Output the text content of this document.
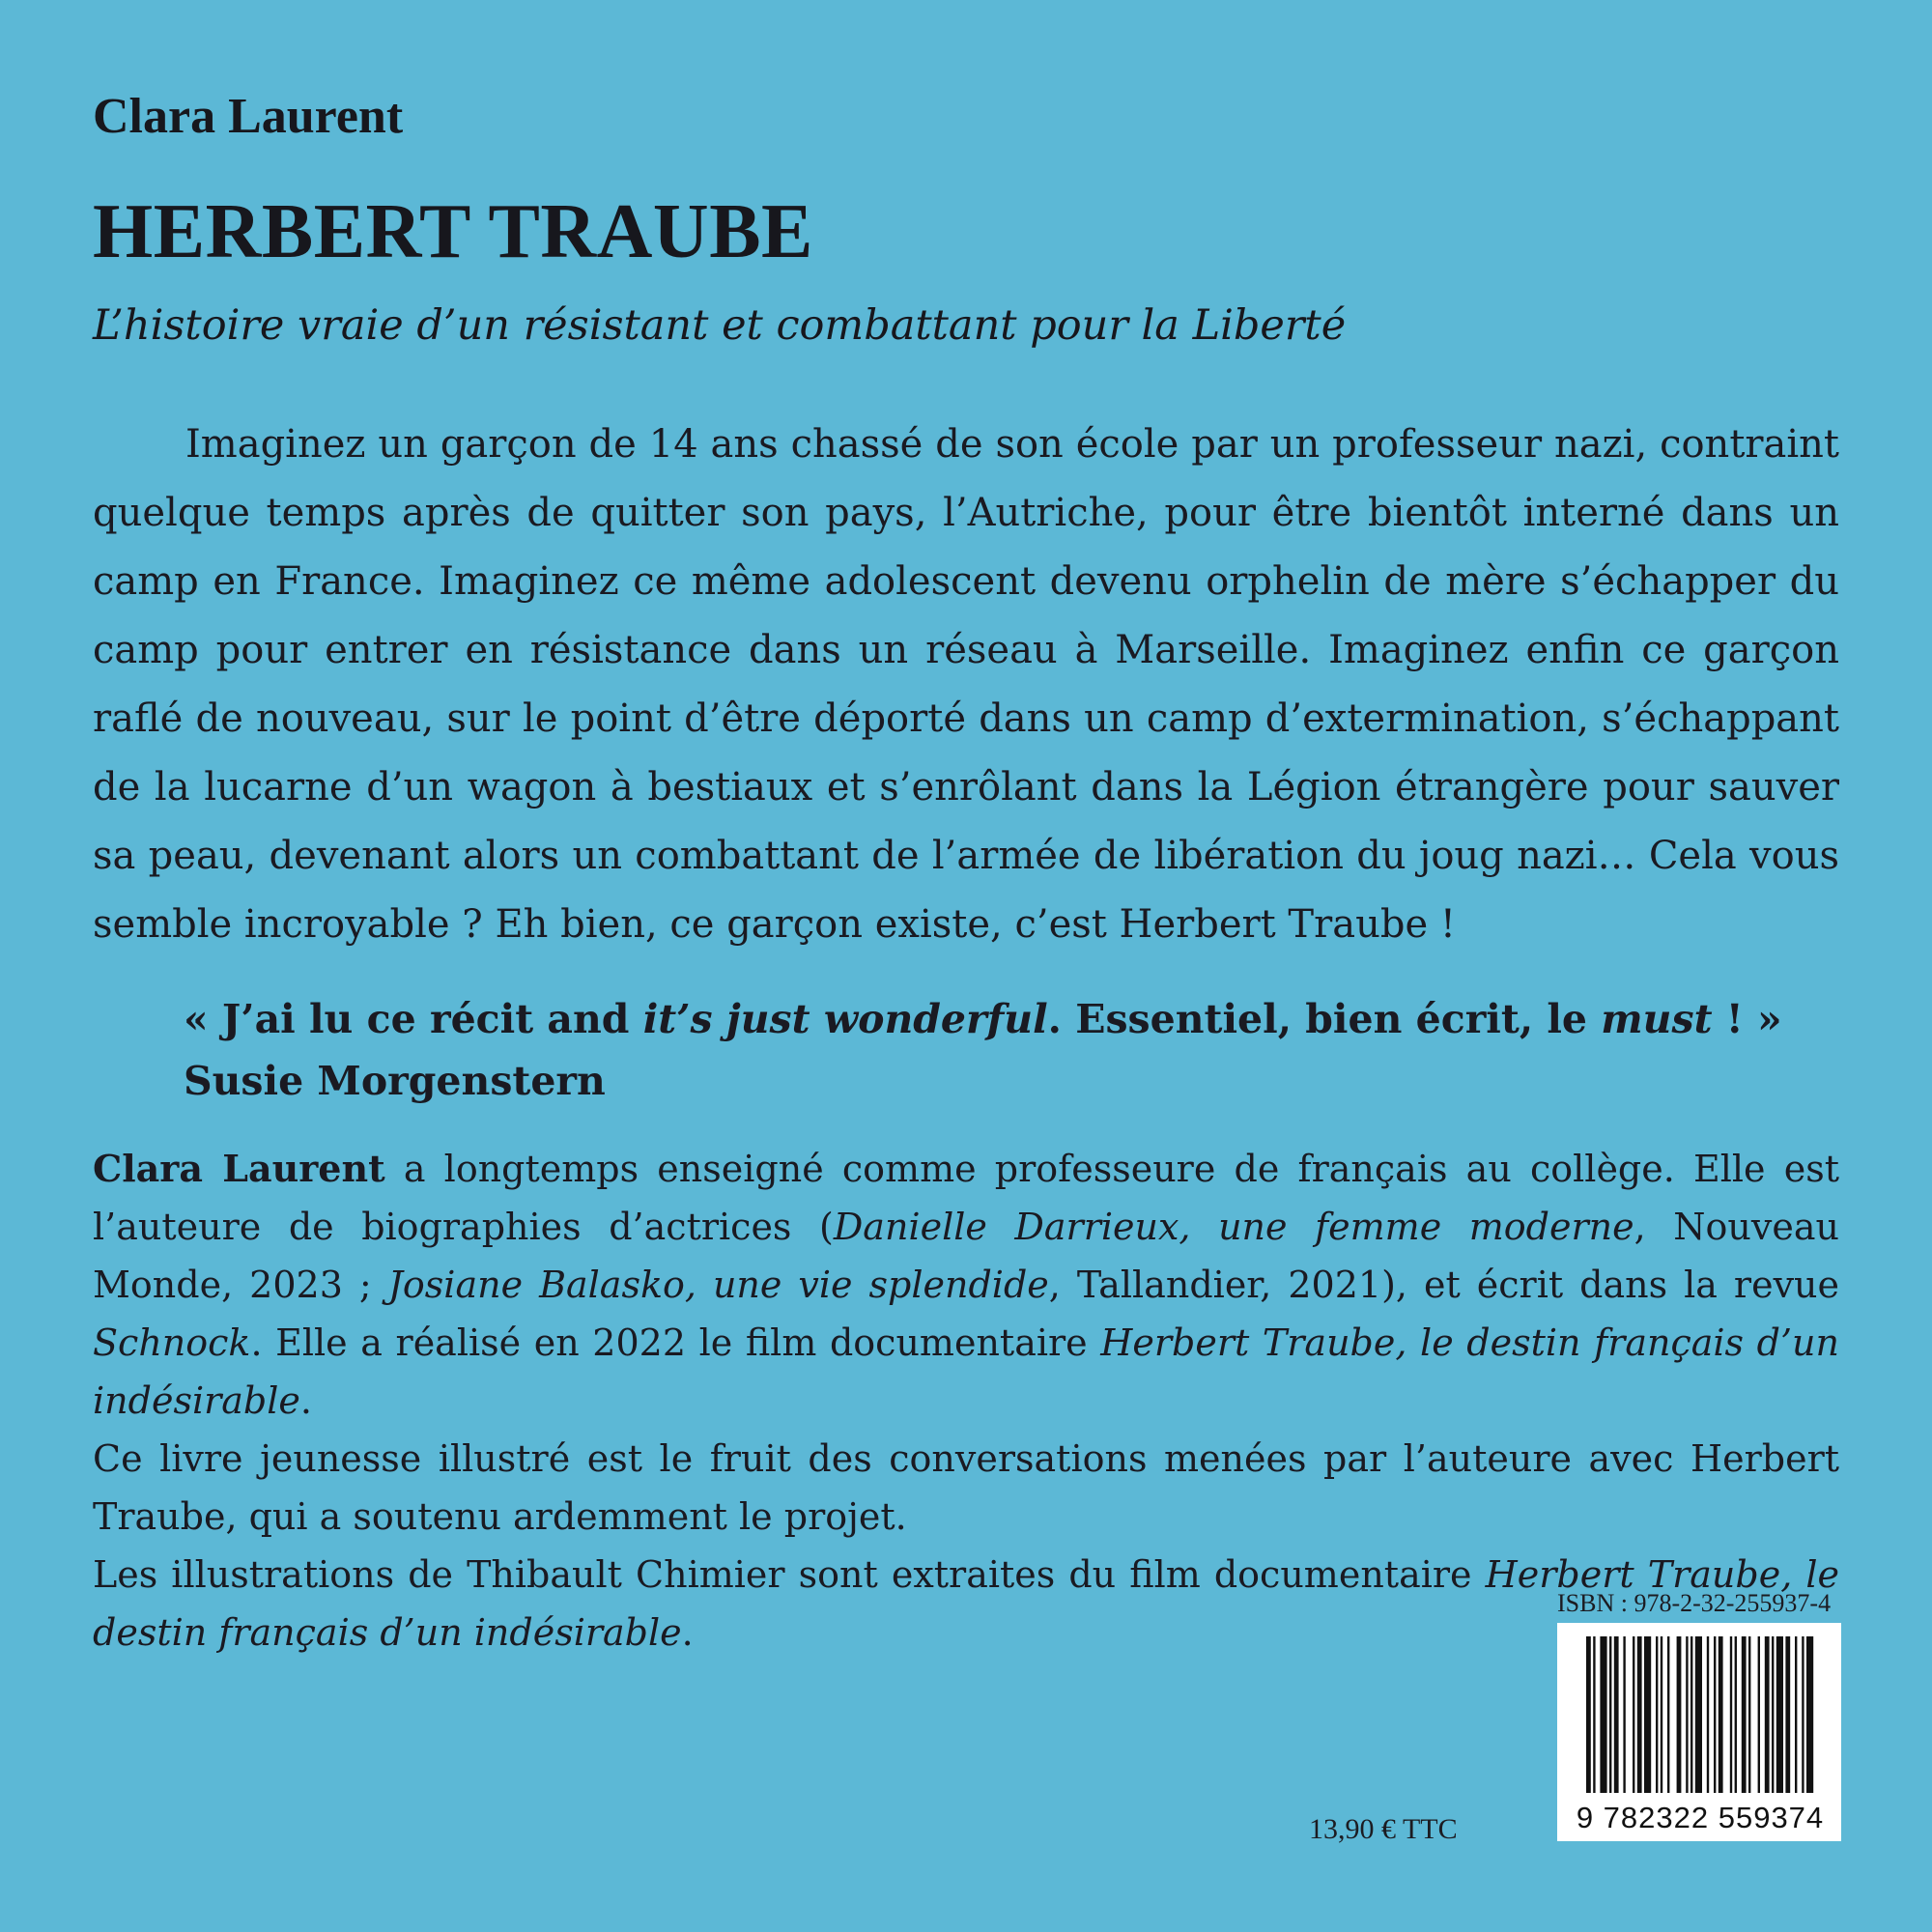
Clara Laurent
HERBERT TRAUBE
L’histoire vraie d’un résistant et combattant pour la Liberté

Imaginez un garçon de 14 ans chassé de son école par un professeur nazi, contraint quelque temps après de quitter son pays, l’Autriche, pour être bientôt interné dans un camp en France. Imaginez ce même adolescent devenu orphelin de mère s’échapper du camp pour entrer en résistance dans un réseau à Marseille. Imaginez enfin ce garçon raflé de nouveau, sur le point d’être déporté dans un camp d’extermination, s’échappant de la lucarne d’un wagon à bestiaux et s’enrôlant dans la Légion étrangère pour sauver sa peau, devenant alors un combattant de l’armée de libération du joug nazi… Cela vous semble incroyable ? Eh bien, ce garçon existe, c’est Herbert Traube !

« J’ai lu ce récit and it’s just wonderful. Essentiel, bien écrit, le must ! »
Susie Morgenstern

Clara Laurent a longtemps enseigné comme professeure de français au collège. Elle est l’auteure de biographies d’actrices (Danielle Darrieux, une femme moderne, Nouveau Monde, 2023 ; Josiane Balasko, une vie splendide, Tallandier, 2021), et écrit dans la revue Schnock. Elle a réalisé en 2022 le film documentaire Herbert Traube, le destin français d’un indésirable.

Ce livre jeunesse illustré est le fruit des conversations menées par l’auteure avec Herbert Traube, qui a soutenu ardemment le projet.

Les illustrations de Thibault Chimier sont extraites du film documentaire Herbert Traube, le destin français d’un indésirable.

ISBN : 978-2-32-255937-4
9 782322 559374
13,90 € TTC
